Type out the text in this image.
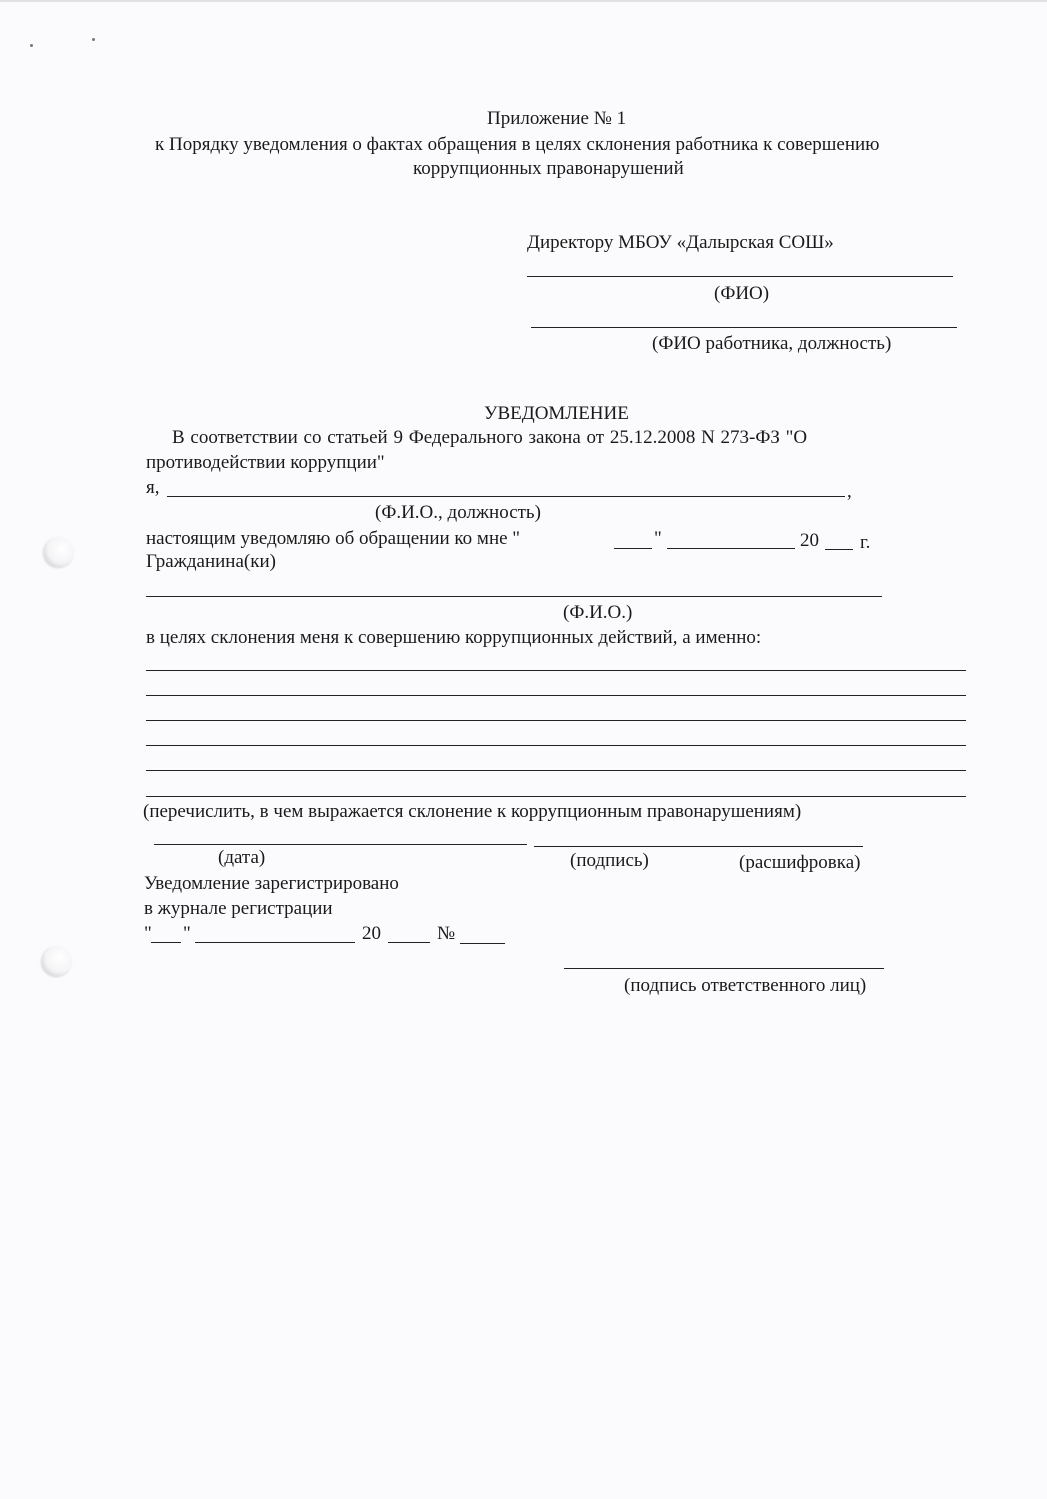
Приложение № 1
к Порядку уведомления о фактах обращения в целях склонения работника к совершению
коррупционных правонарушений
Директору МБОУ «Далырская СОШ»
(ФИО)
(ФИО работника, должность)
УВЕДОМЛЕНИЕ
В соответствии со статьей 9 Федерального закона от 25.12.2008 N 273-ФЗ "О
противодействии коррупции"
я,	,
(Ф.И.О., должность)
настоящим уведомляю об обращении ко мне "	"	20 г.
Гражданина(ки)
(Ф.И.О.)
в целях склонения меня к совершению коррупционных действий, а именно:
(перечислить, в чем выражается склонение к коррупционным правонарушениям)
(дата)	(подпись)	(расшифровка)
Уведомление зарегистрировано
в журнале регистрации
" "	20	№
(подпись ответственного лиц)
